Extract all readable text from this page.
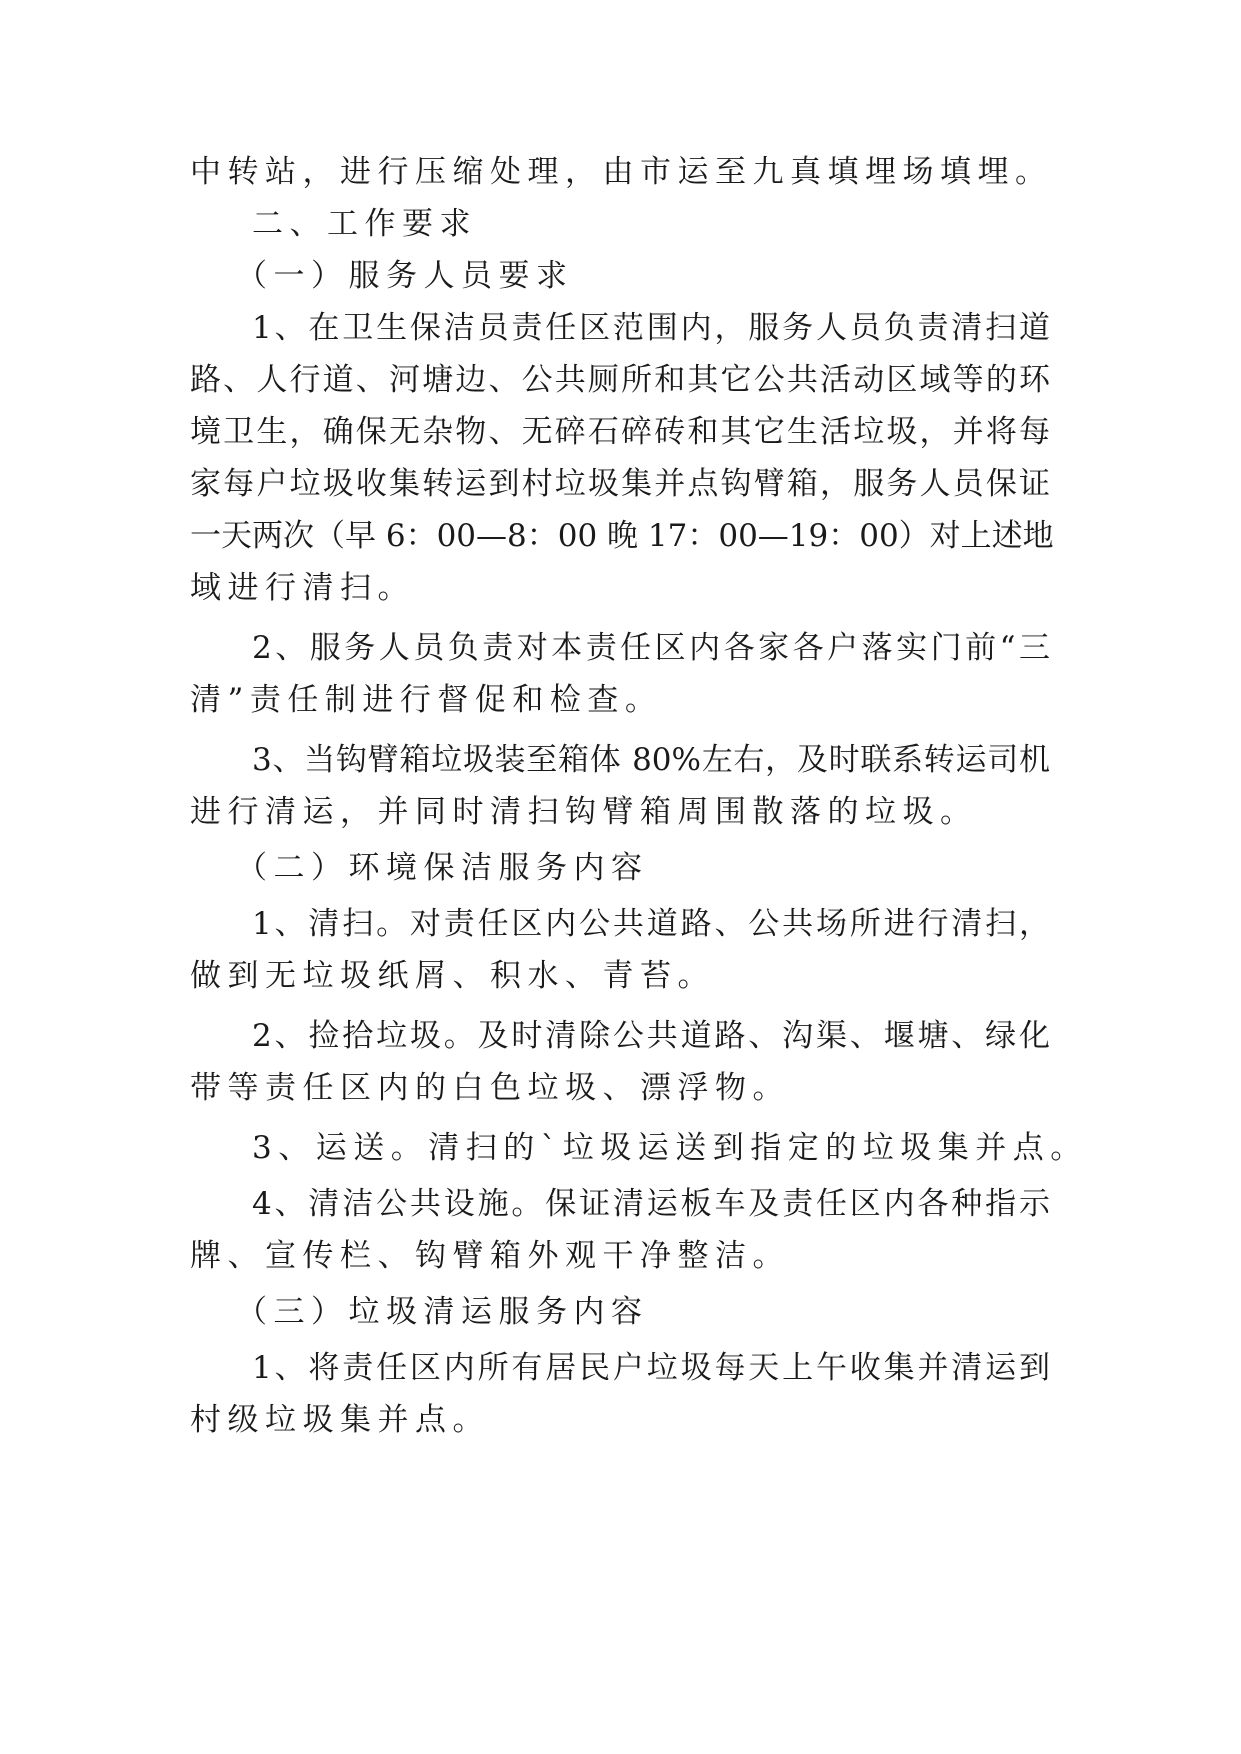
中转站，进行压缩处理，由市运至九真填埋场填埋。
二、工作要求
（一）服务人员要求
1、在卫生保洁员责任区范围内，服务人员负责清扫道
路、人行道、河塘边、公共厕所和其它公共活动区域等的环
境卫生，确保无杂物、无碎石碎砖和其它生活垃圾，并将每
家每户垃圾收集转运到村垃圾集并点钩臂箱，服务人员保证
一天两次（早 6：00—8：00 晚 17：00—19：00）对上述地
域进行清扫。
2、服务人员负责对本责任区内各家各户落实门前“三
清”责任制进行督促和检查。
3、当钩臂箱垃圾装至箱体 80%左右，及时联系转运司机
进行清运，并同时清扫钩臂箱周围散落的垃圾。
（二）环境保洁服务内容
1、清扫。对责任区内公共道路、公共场所进行清扫，
做到无垃圾纸屑、积水、青苔。
2、捡拾垃圾。及时清除公共道路、沟渠、堰塘、绿化
带等责任区内的白色垃圾、漂浮物。
3、运送。清扫的`垃圾运送到指定的垃圾集并点。
4、清洁公共设施。保证清运板车及责任区内各种指示
牌、宣传栏、钩臂箱外观干净整洁。
（三）垃圾清运服务内容
1、将责任区内所有居民户垃圾每天上午收集并清运到
村级垃圾集并点。
